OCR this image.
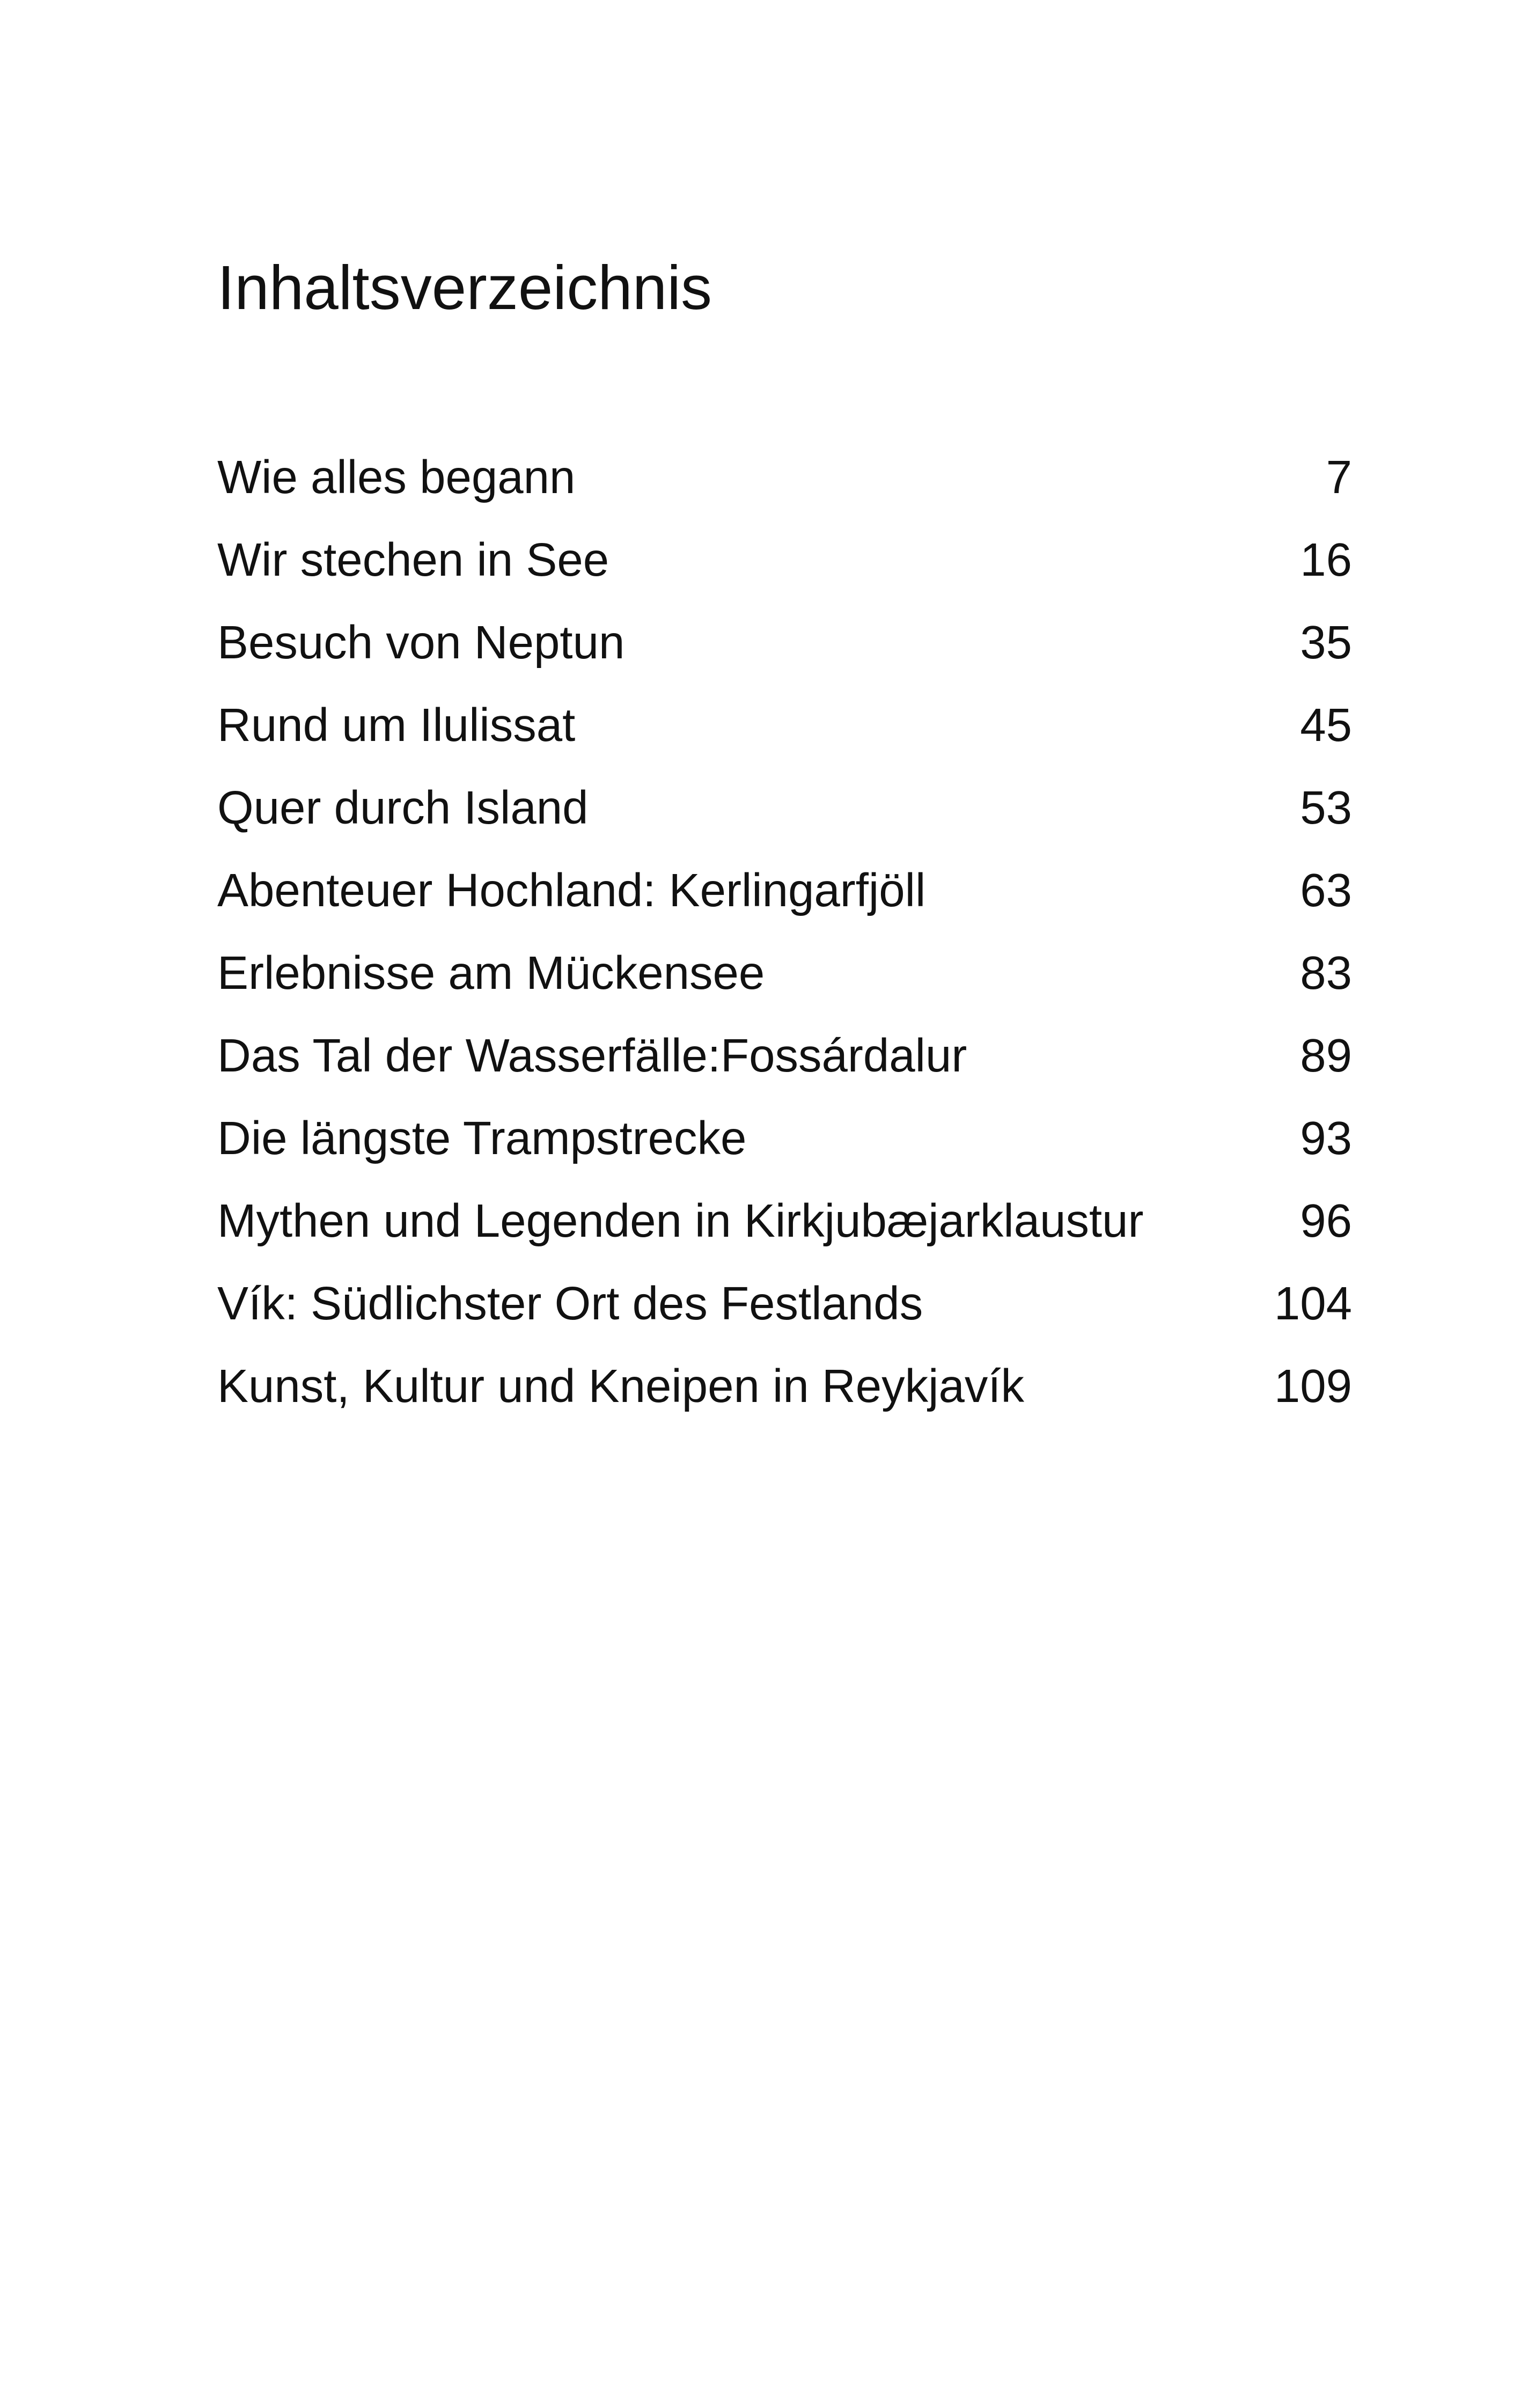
Inhaltsverzeichnis
Wie alles begann	7
Wir stechen in See	16
Besuch von Neptun	35
Rund um Ilulissat	45
Quer durch Island	53
Abenteuer Hochland: Kerlingarfjöll	63
Erlebnisse am Mückensee	83
Das Tal der Wasserfälle:Fossárdalur	89
Die längste Trampstrecke	93
Mythen und Legenden in Kirkjubæjarklaustur	96
Vík: Südlichster Ort des Festlands	104
Kunst, Kultur und Kneipen in Reykjavík	109
